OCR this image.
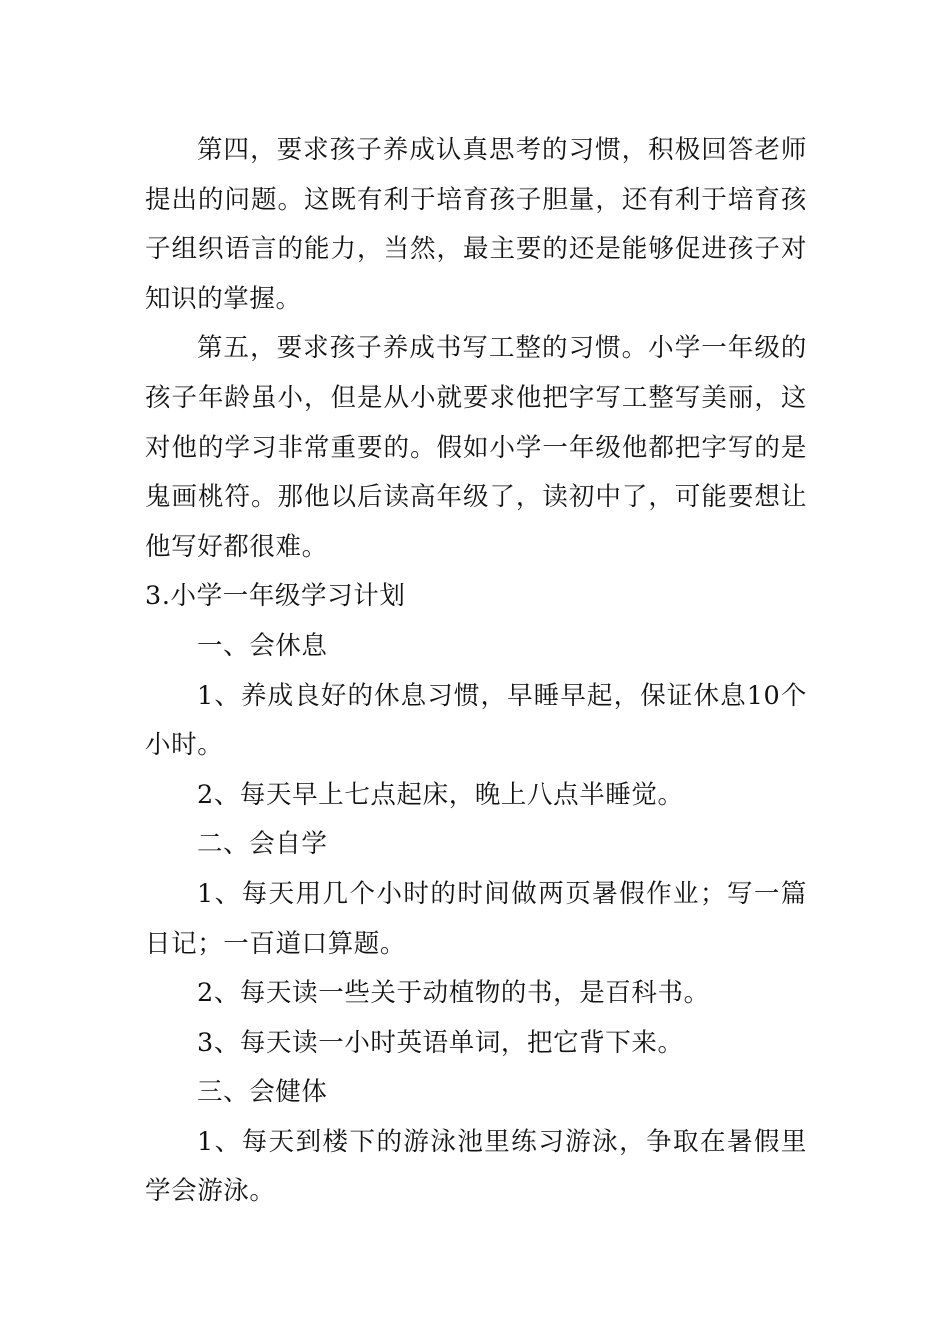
第四，要求孩子养成认真思考的习惯，积极回答老师提出的问题。这既有利于培育孩子胆量，还有利于培育孩子组织语言的能力，当然，最主要的还是能够促进孩子对知识的掌握。

第五，要求孩子养成书写工整的习惯。小学一年级的孩子年龄虽小，但是从小就要求他把字写工整写美丽，这对他的学习非常重要的。假如小学一年级他都把字写的是鬼画桃符。那他以后读高年级了，读初中了，可能要想让他写好都很难。

3.小学一年级学习计划

一、会休息

1、养成良好的休息习惯，早睡早起，保证休息10个小时。

2、每天早上七点起床，晚上八点半睡觉。

二、会自学

1、每天用几个小时的时间做两页暑假作业；写一篇日记；一百道口算题。

2、每天读一些关于动植物的书，是百科书。

3、每天读一小时英语单词，把它背下来。

三、会健体

1、每天到楼下的游泳池里练习游泳，争取在暑假里学会游泳。
